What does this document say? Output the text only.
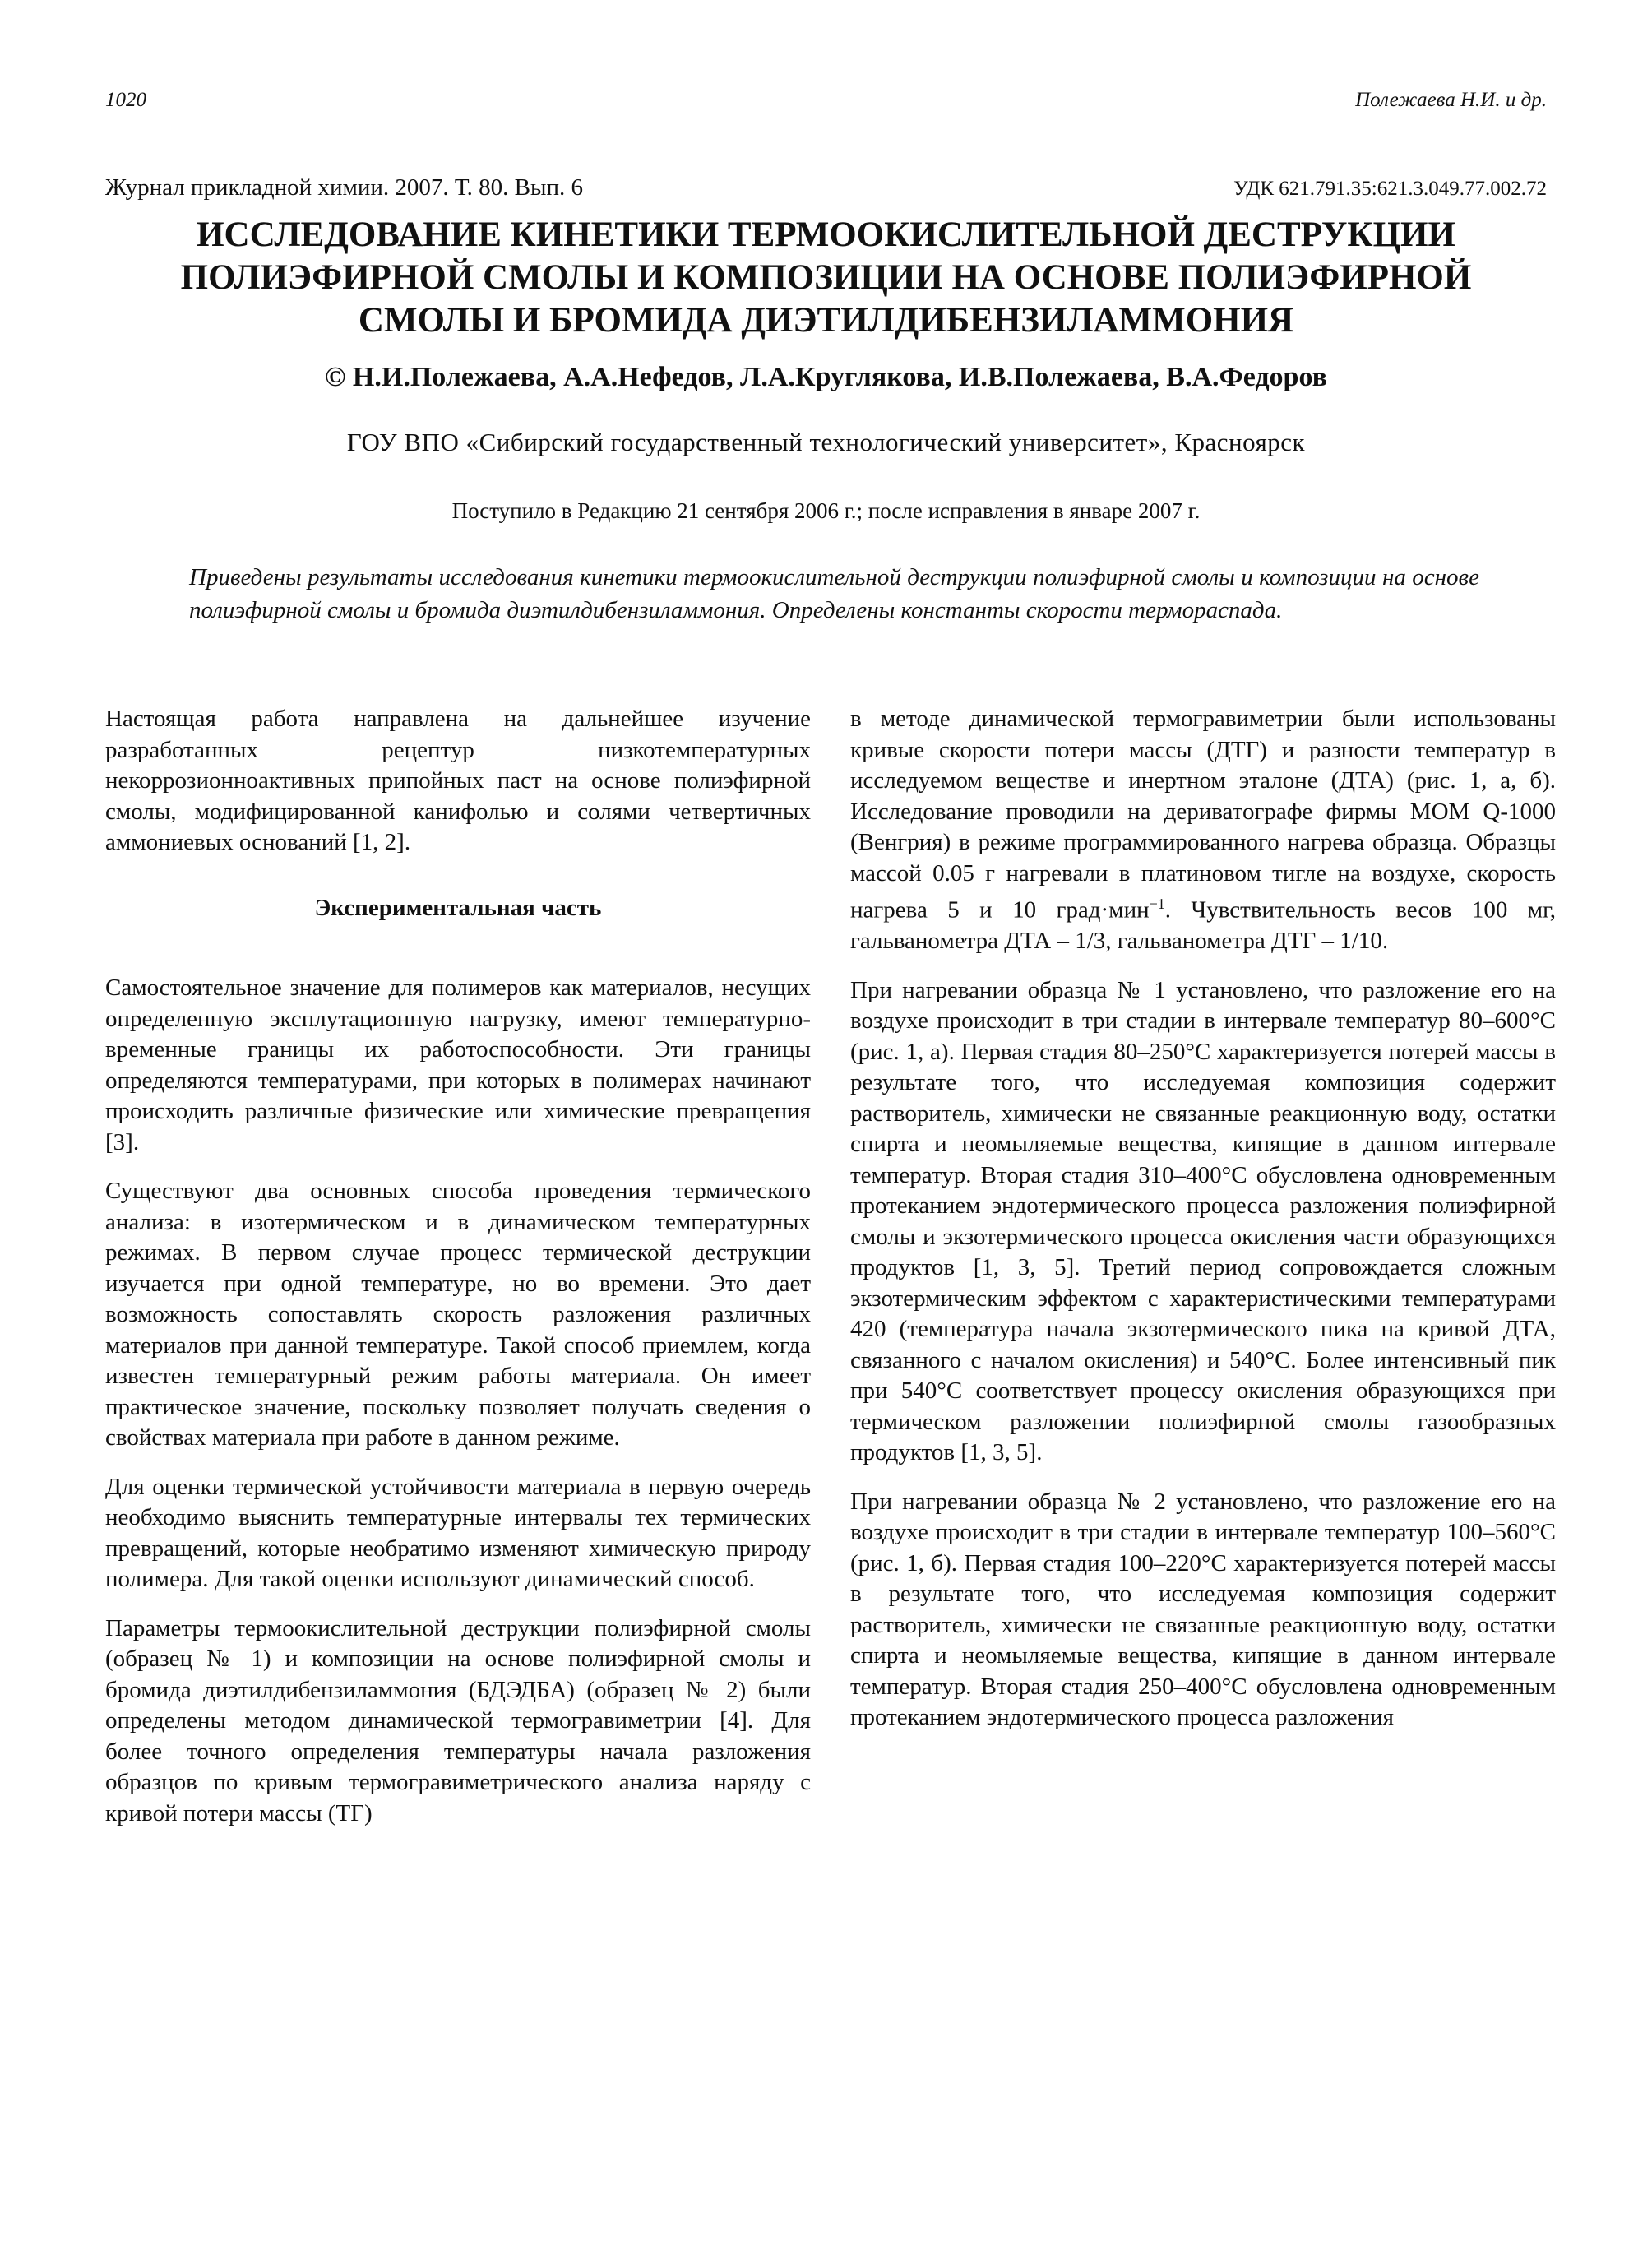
1020	Полежаева Н.И. и др.
Журнал прикладной химии. 2007. Т. 80. Вып. 6	УДК 621.791.35:621.3.049.77.002.72
ИССЛЕДОВАНИЕ КИНЕТИКИ ТЕРМООКИСЛИТЕЛЬНОЙ ДЕСТРУКЦИИ ПОЛИЭФИРНОЙ СМОЛЫ И КОМПОЗИЦИИ НА ОСНОВЕ ПОЛИЭФИРНОЙ СМОЛЫ И БРОМИДА ДИЭТИЛДИБЕНЗИЛАММОНИЯ
© Н.И.Полежаева, А.А.Нефедов, Л.А.Круглякова, И.В.Полежаева, В.А.Федоров
ГОУ ВПО «Сибирский государственный технологический университет», Красноярск
Поступило в Редакцию 21 сентября 2006 г.; после исправления в январе 2007 г.
Приведены результаты исследования кинетики термоокислительной деструкции полиэфирной смолы и композиции на основе полиэфирной смолы и бромида диэтилдибензиламмония. Определены константы скорости термораспада.

Настоящая работа направлена на дальнейшее изучение разработанных рецептур низкотемпературных некоррозионноактивных припойных паст на основе полиэфирной смолы, модифицированной канифолью и солями четвертичных аммониевых оснований [1, 2].

Экспериментальная часть

Самостоятельное значение для полимеров как материалов, несущих определенную эксплутационную нагрузку, имеют температурно-временные границы их работоспособности. Эти границы определяются температурами, при которых в полимерах начинают происходить различные физические или химические превращения [3].

Существуют два основных способа проведения термического анализа: в изотермическом и в динамическом температурных режимах. В первом случае процесс термической деструкции изучается при одной температуре, но во времени. Это дает возможность сопоставлять скорость разложения различных материалов при данной температуре. Такой способ приемлем, когда известен температурный режим работы материала. Он имеет практическое значение, поскольку позволяет получать сведения о свойствах материала при работе в данном режиме.

Для оценки термической устойчивости материала в первую очередь необходимо выяснить температурные интервалы тех термических превращений, которые необратимо изменяют химическую природу полимера. Для такой оценки используют динамический способ.

Параметры термоокислительной деструкции полиэфирной смолы (образец № 1) и композиции на основе полиэфирной смолы и бромида диэтилдибензиламмония (БДЭДБА) (образец № 2) были определены методом динамической термогравиметрии [4]. Для более точного определения температуры начала разложения образцов по кривым термогравиметрического анализа наряду с кривой потери массы (ТГ)

в методе динамической термогравиметрии были использованы кривые скорости потери массы (ДТГ) и разности температур в исследуемом веществе и инертном эталоне (ДТА) (рис. 1, а, б). Исследование проводили на дериватографе фирмы МОМ Q-1000 (Венгрия) в режиме программированного нагрева образца. Образцы массой 0.05 г нагревали в платиновом тигле на воздухе, скорость нагрева 5 и 10 град·мин$^{-1}$. Чувствительность весов 100 мг, гальванометра ДТА – 1/3, гальванометра ДТГ – 1/10.

При нагревании образца № 1 установлено, что разложение его на воздухе происходит в три стадии в интервале температур 80–600°С (рис. 1, а). Первая стадия 80–250°С характеризуется потерей массы в результате того, что исследуемая композиция содержит растворитель, химически не связанные реакционную воду, остатки спирта и неомыляемые вещества, кипящие в данном интервале температур. Вторая стадия 310–400°С обусловлена одновременным протеканием эндотермического процесса разложения полиэфирной смолы и экзотермического процесса окисления части образующихся продуктов [1, 3, 5]. Третий период сопровождается сложным экзотермическим эффектом с характеристическими температурами 420 (температура начала экзотермического пика на кривой ДТА, связанного с началом окисления) и 540°С. Более интенсивный пик при 540°С соответствует процессу окисления образующихся при термическом разложении полиэфирной смолы газообразных продуктов [1, 3, 5].

При нагревании образца № 2 установлено, что разложение его на воздухе происходит в три стадии в интервале температур 100–560°С (рис. 1, б). Первая стадия 100–220°С характеризуется потерей массы в результате того, что исследуемая композиция содержит растворитель, химически не связанные реакционную воду, остатки спирта и неомыляемые вещества, кипящие в данном интервале температур. Вторая стадия 250–400°С обусловлена одновременным протеканием эндотермического процесса разложения
